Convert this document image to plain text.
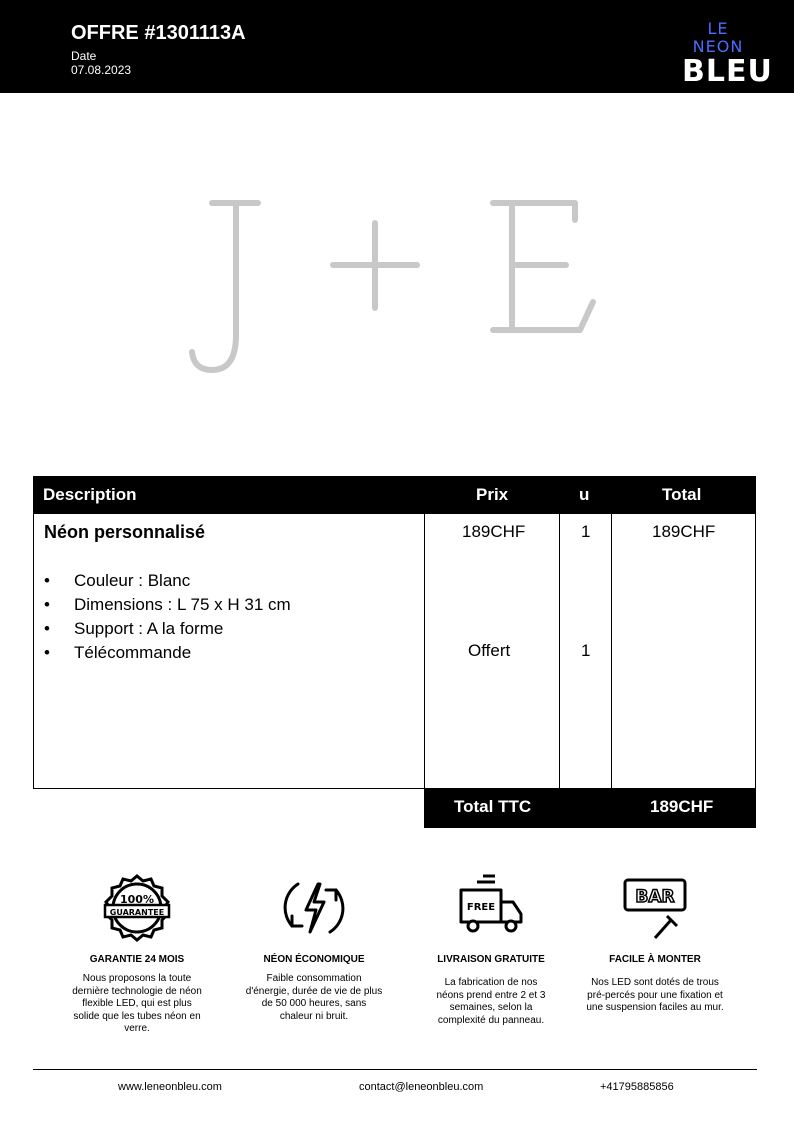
OFFRE #1301113A
Date
07.08.2023
LE NEON
BLEU
Description	Prix	u	Total
Néon personnalisé
• Couleur : Blanc
• Dimensions : L 75 x H 31 cm
• Support : A la forme
• Télécommande
189CHF	1	189CHF
Offert	1
Total TTC	189CHF
100%
GUARANTEE
GARANTIE 24 MOIS
Nous proposons la toute dernière technologie de néon flexible LED, qui est plus solide que les tubes néon en verre.
NÉON ÉCONOMIQUE
Faible consommation d'énergie, durée de vie de plus de 50 000 heures, sans chaleur ni bruit.
FREE
LIVRAISON GRATUITE
La fabrication de nos néons prend entre 2 et 3 semaines, selon la complexité du panneau.
BAR
FACILE À MONTER
Nos LED sont dotés de trous pré-percés pour une fixation et une suspension faciles au mur.
www.leneonbleu.com	contact@leneonbleu.com	+41795885856
